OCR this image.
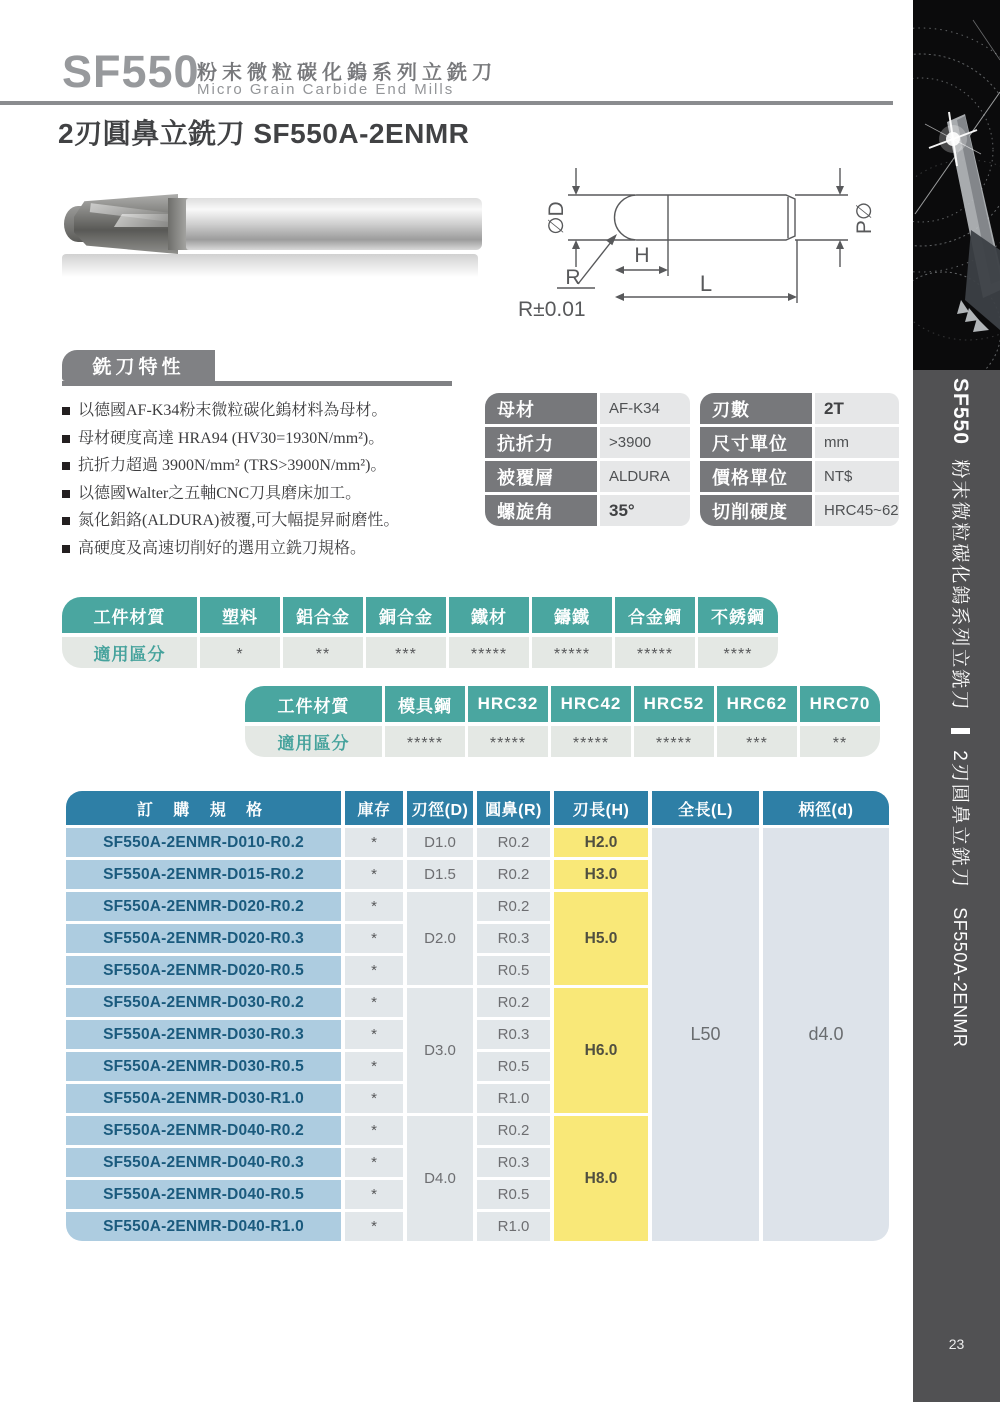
SF550
粉末微粒碳化鎢系列立銑刀
Micro Grain Carbide End Mills
2刃圓鼻立銑刀 SF550A-2ENMR
∅D	P∅
H
L
R
R±0.01
銑刀特性
以德國AF-K34粉末微粒碳化鎢材料為母材。
母材硬度高達 HRA94 (HV30=1930N/mm²)。
抗折力超過 3900N/mm² (TRS>3900N/mm²)。
以德國Walter之五軸CNC刀具磨床加工。
氮化鋁鉻(ALDURA)被覆,可大幅提昇耐磨性。
高硬度及高速切削好的選用立銑刀規格。
母材	AF-K34
抗折力	>3900
被覆層	ALDURA
螺旋角	35°
刃數	2T
尺寸單位	mm
價格單位	NT$
切削硬度	HRC45~62
工件材質	塑料	鋁合金	銅合金	鐵材	鑄鐵	合金鋼	不銹鋼
適用區分	*	**	***	*****	*****	*****	****
工件材質	模具鋼	HRC32	HRC42	HRC52	HRC62	HRC70
適用區分	*****	*****	*****	*****	***	**
訂 購 規 格	庫存	刃徑(D)	圓鼻(R)	刃長(H)	全長(L)	柄徑(d)
SF550A-2ENMR-D010-R0.2	*	D1.0	R0.2	H2.0	L50	d4.0
SF550A-2ENMR-D015-R0.2	*	D1.5	R0.2	H3.0		
SF550A-2ENMR-D020-R0.2	*	D2.0	R0.2	H5.0		
SF550A-2ENMR-D020-R0.3	*		R0.3			
SF550A-2ENMR-D020-R0.5	*		R0.5			
SF550A-2ENMR-D030-R0.2	*	D3.0	R0.2	H6.0		
SF550A-2ENMR-D030-R0.3	*		R0.3			
SF550A-2ENMR-D030-R0.5	*		R0.5			
SF550A-2ENMR-D030-R1.0	*		R1.0			
SF550A-2ENMR-D040-R0.2	*	D4.0	R0.2	H8.0		
SF550A-2ENMR-D040-R0.3	*		R0.3			
SF550A-2ENMR-D040-R0.5	*		R0.5			
SF550A-2ENMR-D040-R1.0	*		R1.0			
SF550 粉末微粒碳化鎢系列立銑刀  2刃圓鼻立銑刀 SF550A-2ENMR
23
